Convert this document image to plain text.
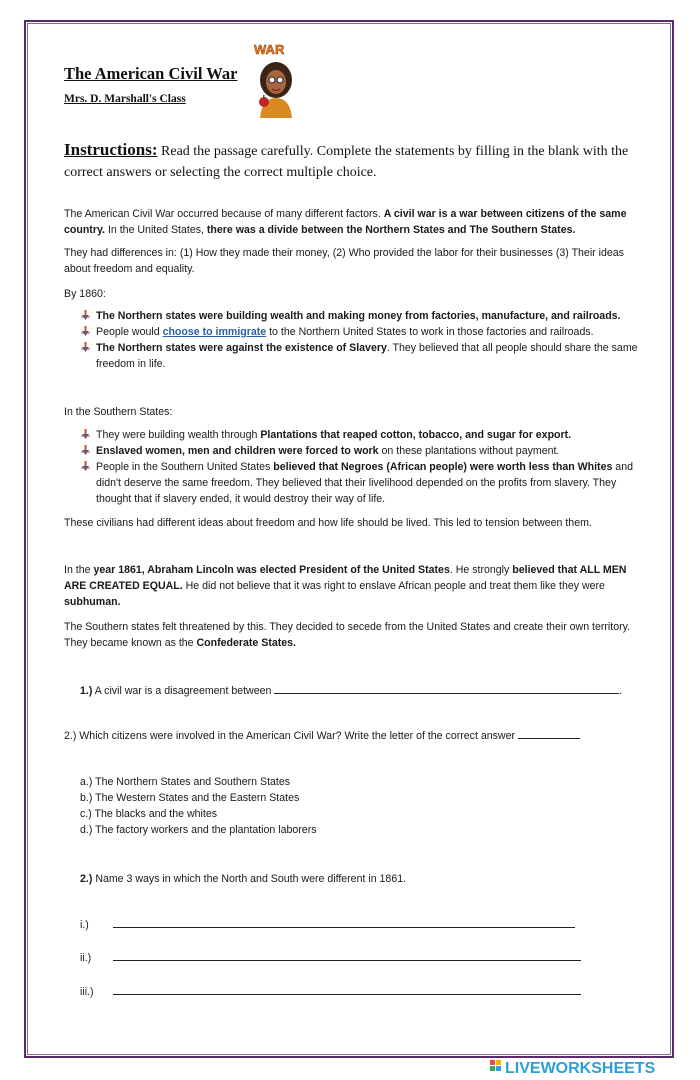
The American Civil War
Mrs. D. Marshall's Class
WAR
Instructions: Read the passage carefully. Complete the statements by filling in the blank with the correct answers or selecting the correct multiple choice.
The American Civil War occurred because of many different factors. A civil war is a war between citizens of the same country. In the United States, there was a divide between the Northern States and The Southern States.
They had differences in: (1) How they made their money, (2) Who provided the labor for their businesses (3) Their ideas about freedom and equality.
By 1860:
The Northern states were building wealth and making money from factories, manufacture, and railroads.
People would choose to immigrate to the Northern United States to work in those factories and railroads.
The Northern states were against the existence of Slavery. They believed that all people should share the same freedom in life.
In the Southern States:
They were building wealth through Plantations that reaped cotton, tobacco, and sugar for export.
Enslaved women, men and children were forced to work on these plantations without payment.
People in the Southern United States believed that Negroes (African people) were worth less than Whites and didn't deserve the same freedom. They believed that their livelihood depended on the profits from slavery. They thought that if slavery ended, it would destroy their way of life.
These civilians had different ideas about freedom and how life should be lived. This led to tension between them.
In the year 1861, Abraham Lincoln was elected President of the United States. He strongly believed that ALL MEN ARE CREATED EQUAL. He did not believe that it was right to enslave African people and treat them like they were subhuman.
The Southern states felt threatened by this. They decided to secede from the United States and create their own territory. They became known as the Confederate States.
1.) A civil war is a disagreement between	.
2.) Which citizens were involved in the American Civil War? Write the letter of the correct answer
a.) The Northern States and Southern States
b.) The Western States and the Eastern States
c.) The blacks and the whites
d.) The factory workers and the plantation laborers
2.) Name 3 ways in which the North and South were different in 1861.
i.)
ii.)
iii.)
LIVEWORKSHEETS
